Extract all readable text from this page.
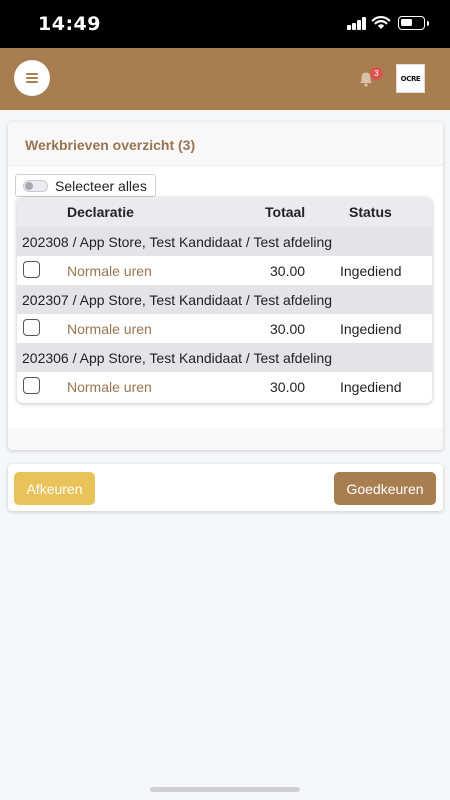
14:49
3
OCRE
Werkbrieven overzicht (3)
Selecteer alles
Declaratie	Totaal	Status
202308 / App Store, Test Kandidaat / Test afdeling
Normale uren	30.00 Ingediend
202307 / App Store, Test Kandidaat / Test afdeling
Normale uren	30.00 Ingediend
202306 / App Store, Test Kandidaat / Test afdeling
Normale uren	30.00 Ingediend
Afkeuren	Goedkeuren
